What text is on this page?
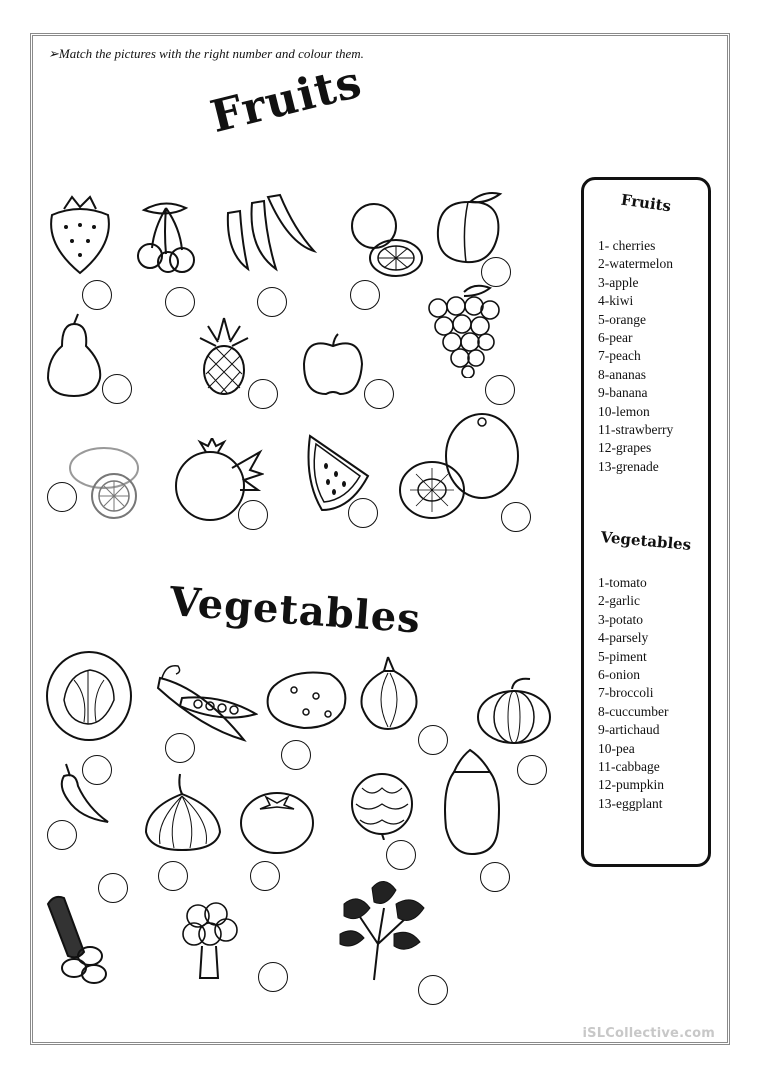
➢Match the pictures with the right number and colour them.
Fruits
Vegetables
Fruits
1- cherries
2-watermelon
3-apple
4-kiwi
5-orange
6-pear
7-peach
8-ananas
9-banana
10-lemon
11-strawberry
12-grapes
13-grenade
Vegetables
1-tomato
2-garlic
3-potato
4-parsely
5-piment
6-onion
7-broccoli
8-cuccumber
9-artichaud
10-pea
11-cabbage
12-pumpkin
13-eggplant
iSLCollective.com
